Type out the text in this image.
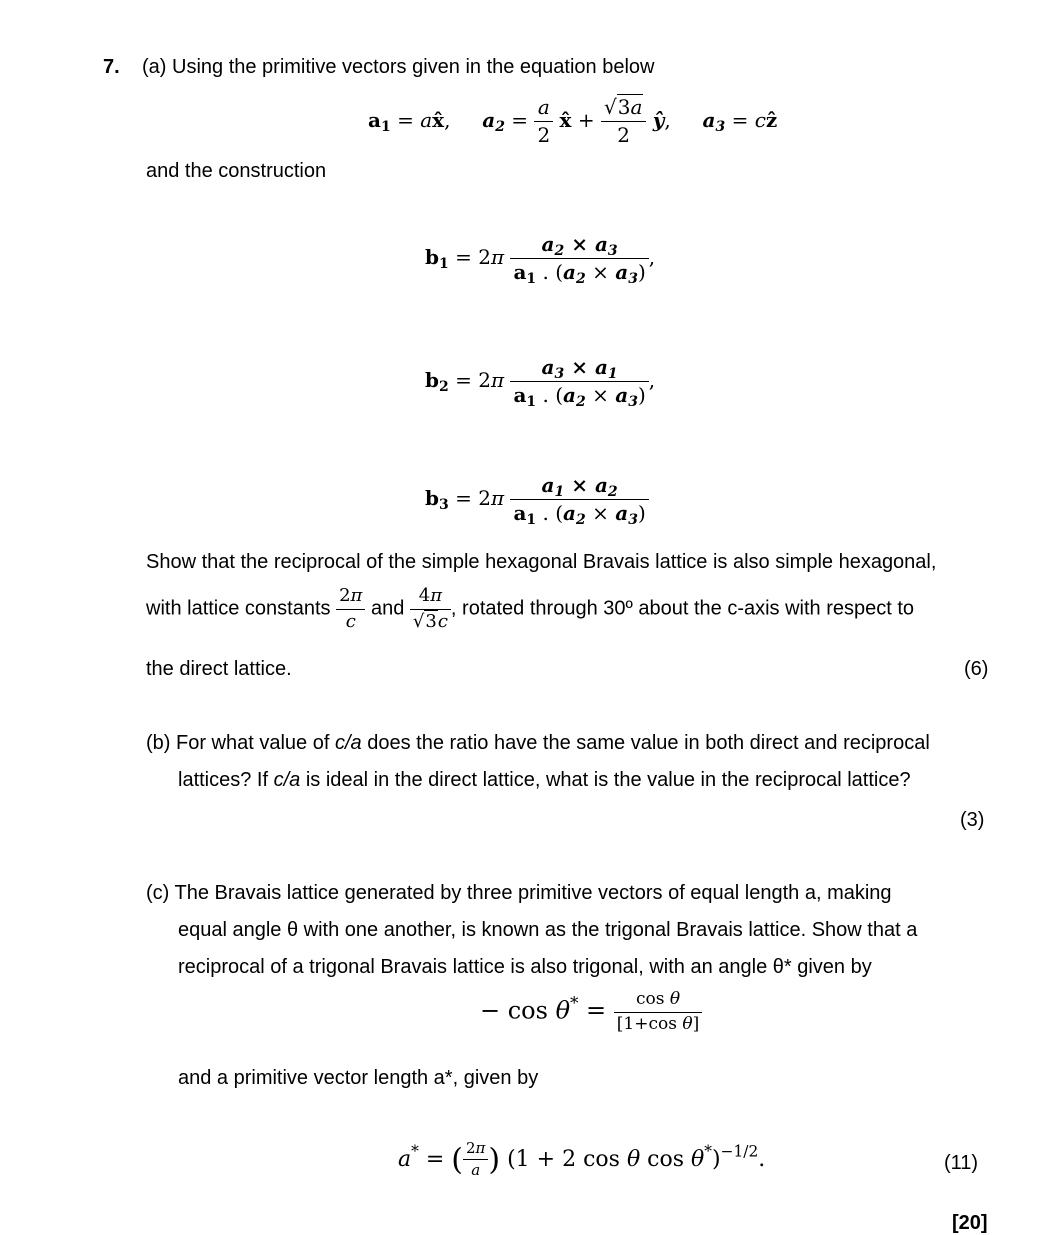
7. (a) Using the primitive vectors given in the equation below
$a_1$ = ax̂,     $a_2 = \frac{a}{2}$ x̂ + $\frac{√3a}{2}$ ŷ,     $a_3$ = cẑ
and the construction
$b_1 = 2\pi \frac{a_2 \times a_3}{a_1 . (a_2 \times a_3)}$ ,
$b_2 = 2\pi \frac{a_3 \times a_1}{a_1 . (a_2 \times a_3)}$ ,
$b_3 = 2\pi \frac{a_1 \times a_2}{a_1 . (a_2 \times a_3)}$
Show that the reciprocal of the simple hexagonal Bravais lattice is also simple hexagonal,
with lattice constants $\frac{2\pi}{c}$ and $\frac{4\pi}{√3c}$ , rotated through 30º about the c-axis with respect to
the direct lattice.	(6)
(b) For what value of c/a does the ratio have the same value in both direct and reciprocal
lattices? If c/a is ideal in the direct lattice, what is the value in the reciprocal lattice?
(3)
(c) The Bravais lattice generated by three primitive vectors of equal length a, making
equal angle θ with one another, is known as the trigonal Bravais lattice. Show that a
reciprocal of a trigonal Bravais lattice is also trigonal, with an angle θ* given by
− $\cos \theta^* = \frac{\text{cos θ}}{\text{[1+cos θ]}}$
and a primitive vector length a*, given by
a* = ( $\frac{2\pi}{a}$ ) (1 + 2 cos θ cos θ*)$^{-1/2}$.	(11)
[20]
